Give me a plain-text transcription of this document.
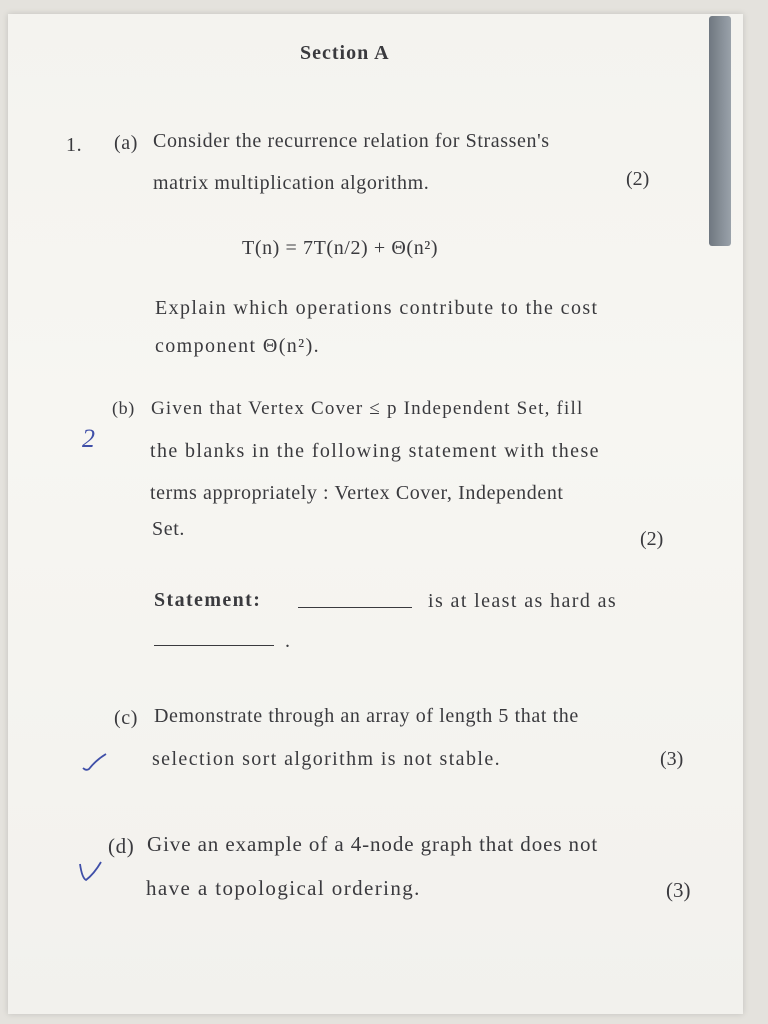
Section A
1. (a) Consider the recurrence relation for Strassen's
matrix multiplication algorithm.	(2)
T(n) = 7T(n/2) + Θ(n²)
Explain which operations contribute to the cost
component Θ(n²).
(b) Given that Vertex Cover ≤ p Independent Set, fill
2	the blanks in the following statement with these
terms appropriately : Vertex Cover, Independent
Set.	(2)
Statement:	is at least as hard as
.
(c) Demonstrate through an array of length 5 that the
selection sort algorithm is not stable.	(3)
(d) Give an example of a 4-node graph that does not
have a topological ordering.	(3)
